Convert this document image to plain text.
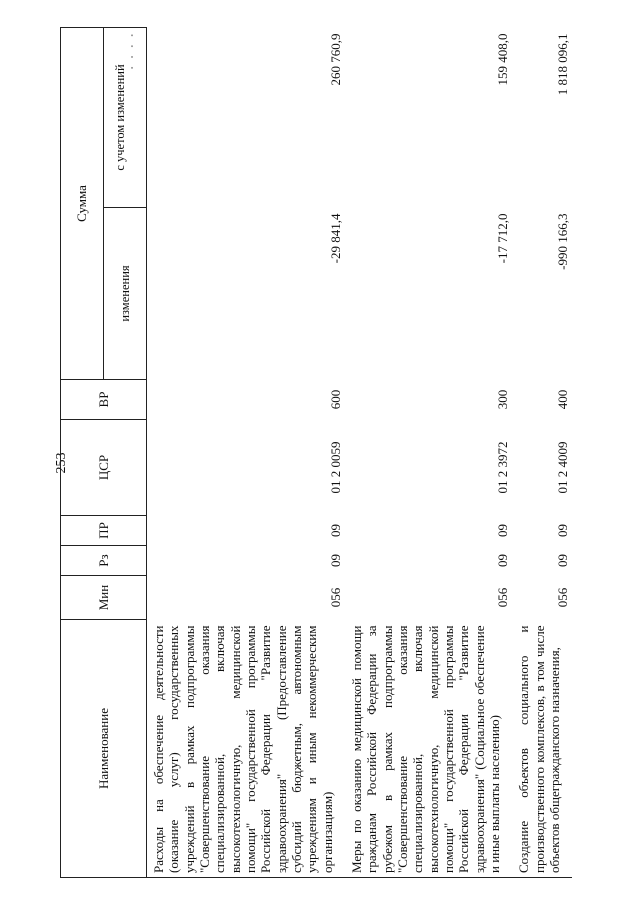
253
Наименование	Мин	Рз	ПР	ЦСР	ВР	Сумма	
						изменения	с учетом изменений
• • • •

Расходы на обеспечение деятельности (оказание услуг) государственных учреждений в рамках подпрограммы "Совершенствование оказания специализированной, включая высокотехнологичную, медицинской помощи" государственной программы Российской Федерации "Развитие здравоохранения" (Предоставление субсидий бюджетным, автономным учреждениям и иным некоммерческим организациям)	056	09	09	01 2 0059	600	-29 841,4	260 760,9
Меры по оказанию медицинской помощи гражданам Российской Федерации за рубежом в рамках подпрограммы "Совершенствование оказания специализированной, включая высокотехнологичную, медицинской помощи" государственной программы Российской Федерации "Развитие здравоохранения" (Социальное обеспечение и иные выплаты населению)	056	09	09	01 2 3972	300	-17 712,0	159 408,0
Создание объектов социального и производственного комплексов, в том числе объектов общегражданского назначения,	056	09	09	01 2 4009	400	-990 166,3	1 818 096,1
